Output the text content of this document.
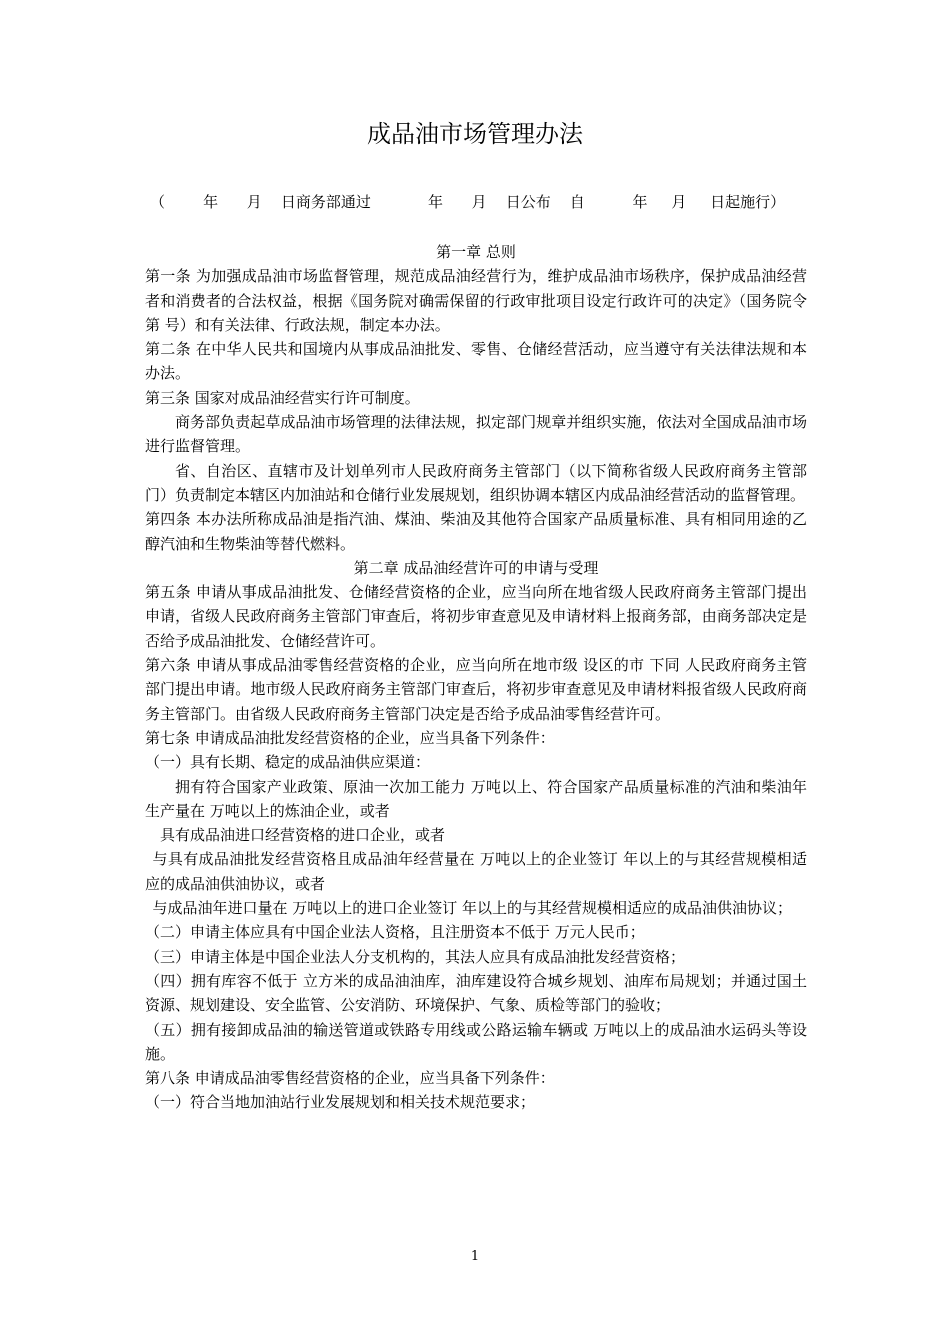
成品油市场管理办法
（        年      月    日商务部通过            年      月    日公布    自          年     月     日起施行）

第一章 总则

第一条 为加强成品油市场监督管理，规范成品油经营行为，维护成品油市场秩序，保护成品油经营者和消费者的合法权益，根据《国务院对确需保留的行政审批项目设定行政许可的决定》（国务院令第 号）和有关法律、行政法规，制定本办法。

第二条 在中华人民共和国境内从事成品油批发、零售、仓储经营活动，应当遵守有关法律法规和本办法。

第三条 国家对成品油经营实行许可制度。

商务部负责起草成品油市场管理的法律法规，拟定部门规章并组织实施，依法对全国成品油市场进行监督管理。

省、自治区、直辖市及计划单列市人民政府商务主管部门（以下简称省级人民政府商务主管部门）负责制定本辖区内加油站和仓储行业发展规划，组织协调本辖区内成品油经营活动的监督管理。

第四条 本办法所称成品油是指汽油、煤油、柴油及其他符合国家产品质量标准、具有相同用途的乙醇汽油和生物柴油等替代燃料。

第二章 成品油经营许可的申请与受理

第五条 申请从事成品油批发、仓储经营资格的企业，应当向所在地省级人民政府商务主管部门提出申请，省级人民政府商务主管部门审查后，将初步审查意见及申请材料上报商务部，由商务部决定是否给予成品油批发、仓储经营许可。

第六条 申请从事成品油零售经营资格的企业，应当向所在地市级 设区的市 下同 人民政府商务主管部门提出申请。地市级人民政府商务主管部门审查后，将初步审查意见及申请材料报省级人民政府商务主管部门。由省级人民政府商务主管部门决定是否给予成品油零售经营许可。

第七条 申请成品油批发经营资格的企业，应当具备下列条件：

（一）具有长期、稳定的成品油供应渠道：

拥有符合国家产业政策、原油一次加工能力 万吨以上、符合国家产品质量标准的汽油和柴油年生产量在 万吨以上的炼油企业，或者

具有成品油进口经营资格的进口企业，或者

与具有成品油批发经营资格且成品油年经营量在 万吨以上的企业签订 年以上的与其经营规模相适应的成品油供油协议，或者

与成品油年进口量在 万吨以上的进口企业签订 年以上的与其经营规模相适应的成品油供油协议；

（二）申请主体应具有中国企业法人资格，且注册资本不低于 万元人民币；

（三）申请主体是中国企业法人分支机构的，其法人应具有成品油批发经营资格；

（四）拥有库容不低于 立方米的成品油油库，油库建设符合城乡规划、油库布局规划；并通过国土资源、规划建设、安全监管、公安消防、环境保护、气象、质检等部门的验收；

（五）拥有接卸成品油的输送管道或铁路专用线或公路运输车辆或 万吨以上的成品油水运码头等设施。

第八条 申请成品油零售经营资格的企业，应当具备下列条件：

（一）符合当地加油站行业发展规划和相关技术规范要求；

1
